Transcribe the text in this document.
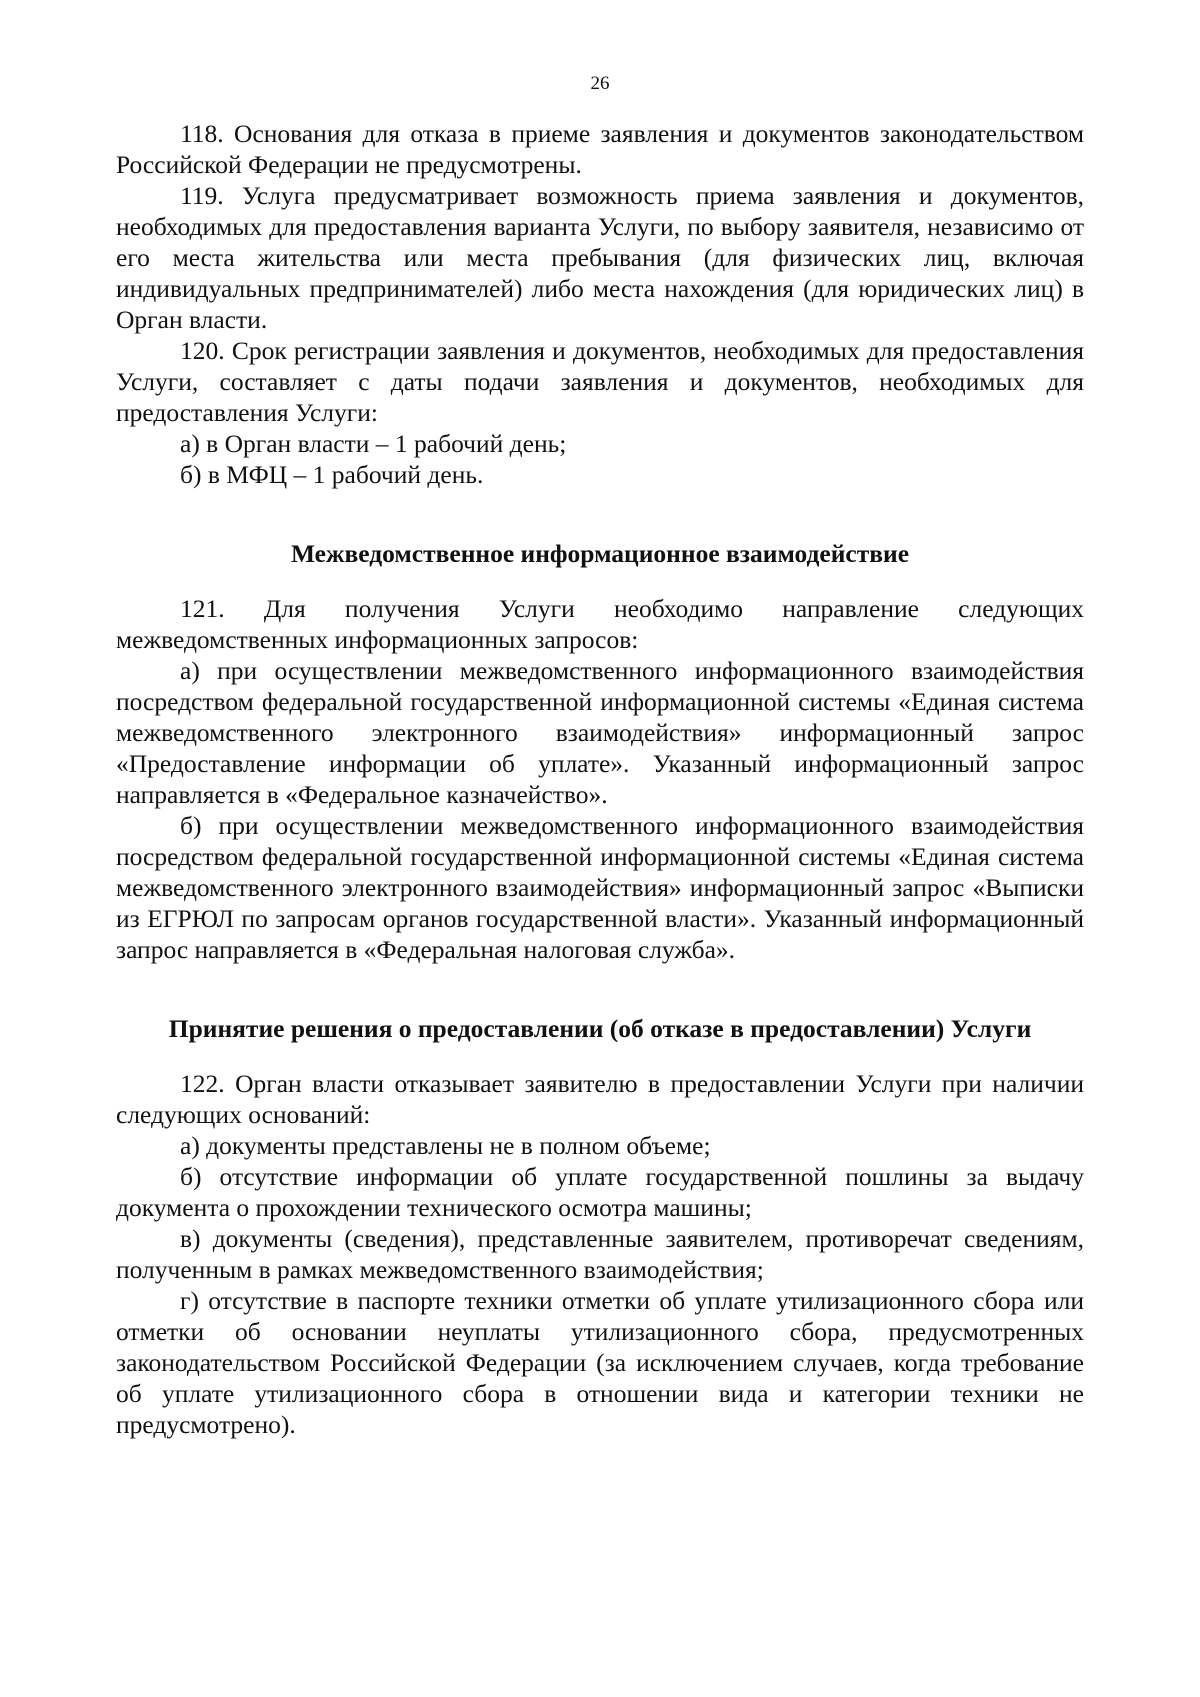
26

118. Основания для отказа в приеме заявления и документов законодательством Российской Федерации не предусмотрены.

119. Услуга предусматривает возможность приема заявления и документов, необходимых для предоставления варианта Услуги, по выбору заявителя, независимо от его места жительства или места пребывания (для физических лиц, включая индивидуальных предпринимателей) либо места нахождения (для юридических лиц) в Орган власти.

120. Срок регистрации заявления и документов, необходимых для предоставления Услуги, составляет с даты подачи заявления и документов, необходимых для предоставления Услуги:

а) в Орган власти – 1 рабочий день;

б) в МФЦ – 1 рабочий день.

Межведомственное информационное взаимодействие

121. Для получения Услуги необходимо направление следующих межведомственных информационных запросов:

а) при осуществлении межведомственного информационного взаимодействия посредством федеральной государственной информационной системы «Единая система межведомственного электронного взаимодействия» информационный запрос «Предоставление информации об уплате». Указанный информационный запрос направляется в «Федеральное казначейство».

б) при осуществлении межведомственного информационного взаимодействия посредством федеральной государственной информационной системы «Единая система межведомственного электронного взаимодействия» информационный запрос «Выписки из ЕГРЮЛ по запросам органов государственной власти». Указанный информационный запрос направляется в «Федеральная налоговая служба».

Принятие решения о предоставлении (об отказе в предоставлении) Услуги

122. Орган власти отказывает заявителю в предоставлении Услуги при наличии следующих оснований:

а) документы представлены не в полном объеме;

б) отсутствие информации об уплате государственной пошлины за выдачу документа о прохождении технического осмотра машины;

в) документы (сведения), представленные заявителем, противоречат сведениям, полученным в рамках межведомственного взаимодействия;

г) отсутствие в паспорте техники отметки об уплате утилизационного сбора или отметки об основании неуплаты утилизационного сбора, предусмотренных законодательством Российской Федерации (за исключением случаев, когда требование об уплате утилизационного сбора в отношении вида и категории техники не предусмотрено).
